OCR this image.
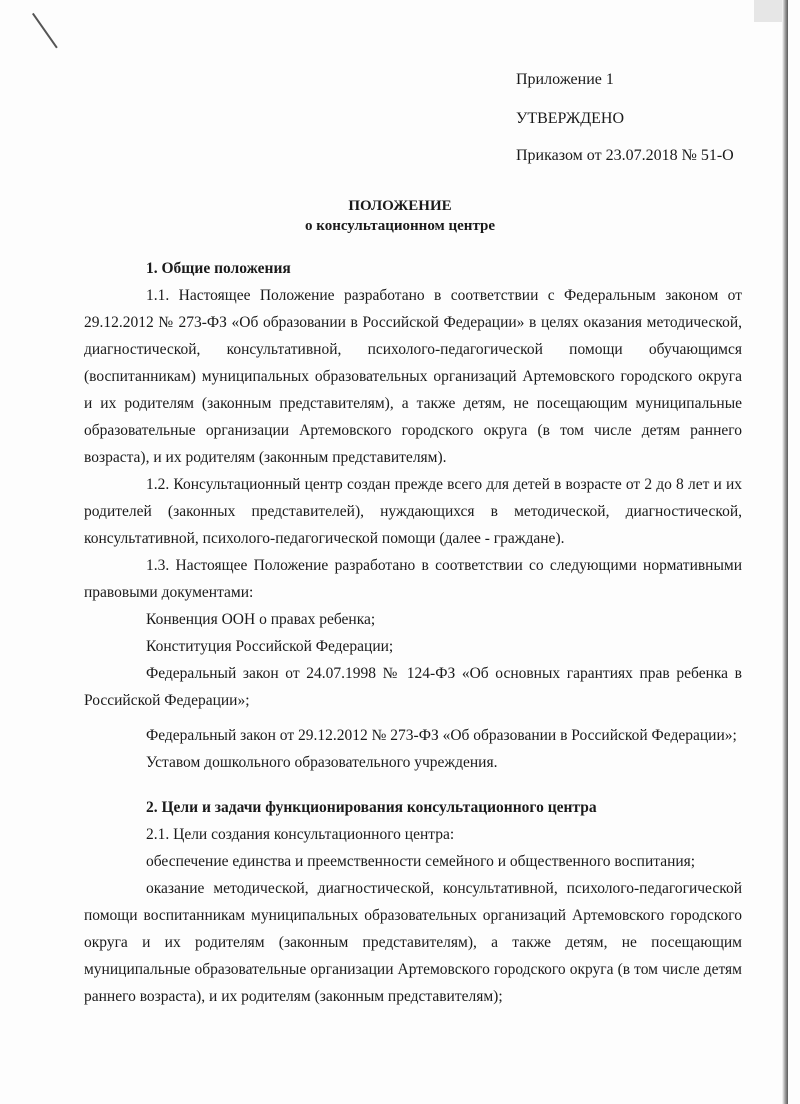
Приложение 1
УТВЕРЖДЕНО
Приказом от 23.07.2018 № 51-О
ПОЛОЖЕНИЕ
о консультационном центре
1. Общие положения

1.1. Настоящее Положение разработано в соответствии с Федеральным законом от 29.12.2012 № 273-ФЗ «Об образовании в Российской Федерации» в целях оказания методической, диагностической, консультативной, психолого-педагогической помощи обучающимся (воспитанникам) муниципальных образовательных организаций Артемовского городского округа и их родителям (законным представителям), а также детям, не посещающим муниципальные образовательные организации Артемовского городского округа (в том числе детям раннего возраста), и их родителям (законным представителям).

1.2. Консультационный центр создан прежде всего для детей в возрасте от 2 до 8 лет и их родителей (законных представителей), нуждающихся в методической, диагностической, консультативной, психолого-педагогической помощи (далее - граждане).

1.3. Настоящее Положение разработано в соответствии со следующими нормативными правовыми документами:

Конвенция ООН о правах ребенка;

Конституция Российской Федерации;

Федеральный закон от 24.07.1998 № 124-ФЗ «Об основных гарантиях прав ребенка в Российской Федерации»;

Федеральный закон от 29.12.2012 № 273-ФЗ «Об образовании в Российской Федерации»;

Уставом дошкольного образовательного учреждения.

2. Цели и задачи функционирования консультационного центра

2.1. Цели создания консультационного центра:

обеспечение единства и преемственности семейного и общественного воспитания;

оказание методической, диагностической, консультативной, психолого-педагогической помощи воспитанникам муниципальных образовательных организаций Артемовского городского округа и их родителям (законным представителям), а также детям, не посещающим муниципальные образовательные организации Артемовского городского округа (в том числе детям раннего возраста), и их родителям (законным представителям);
